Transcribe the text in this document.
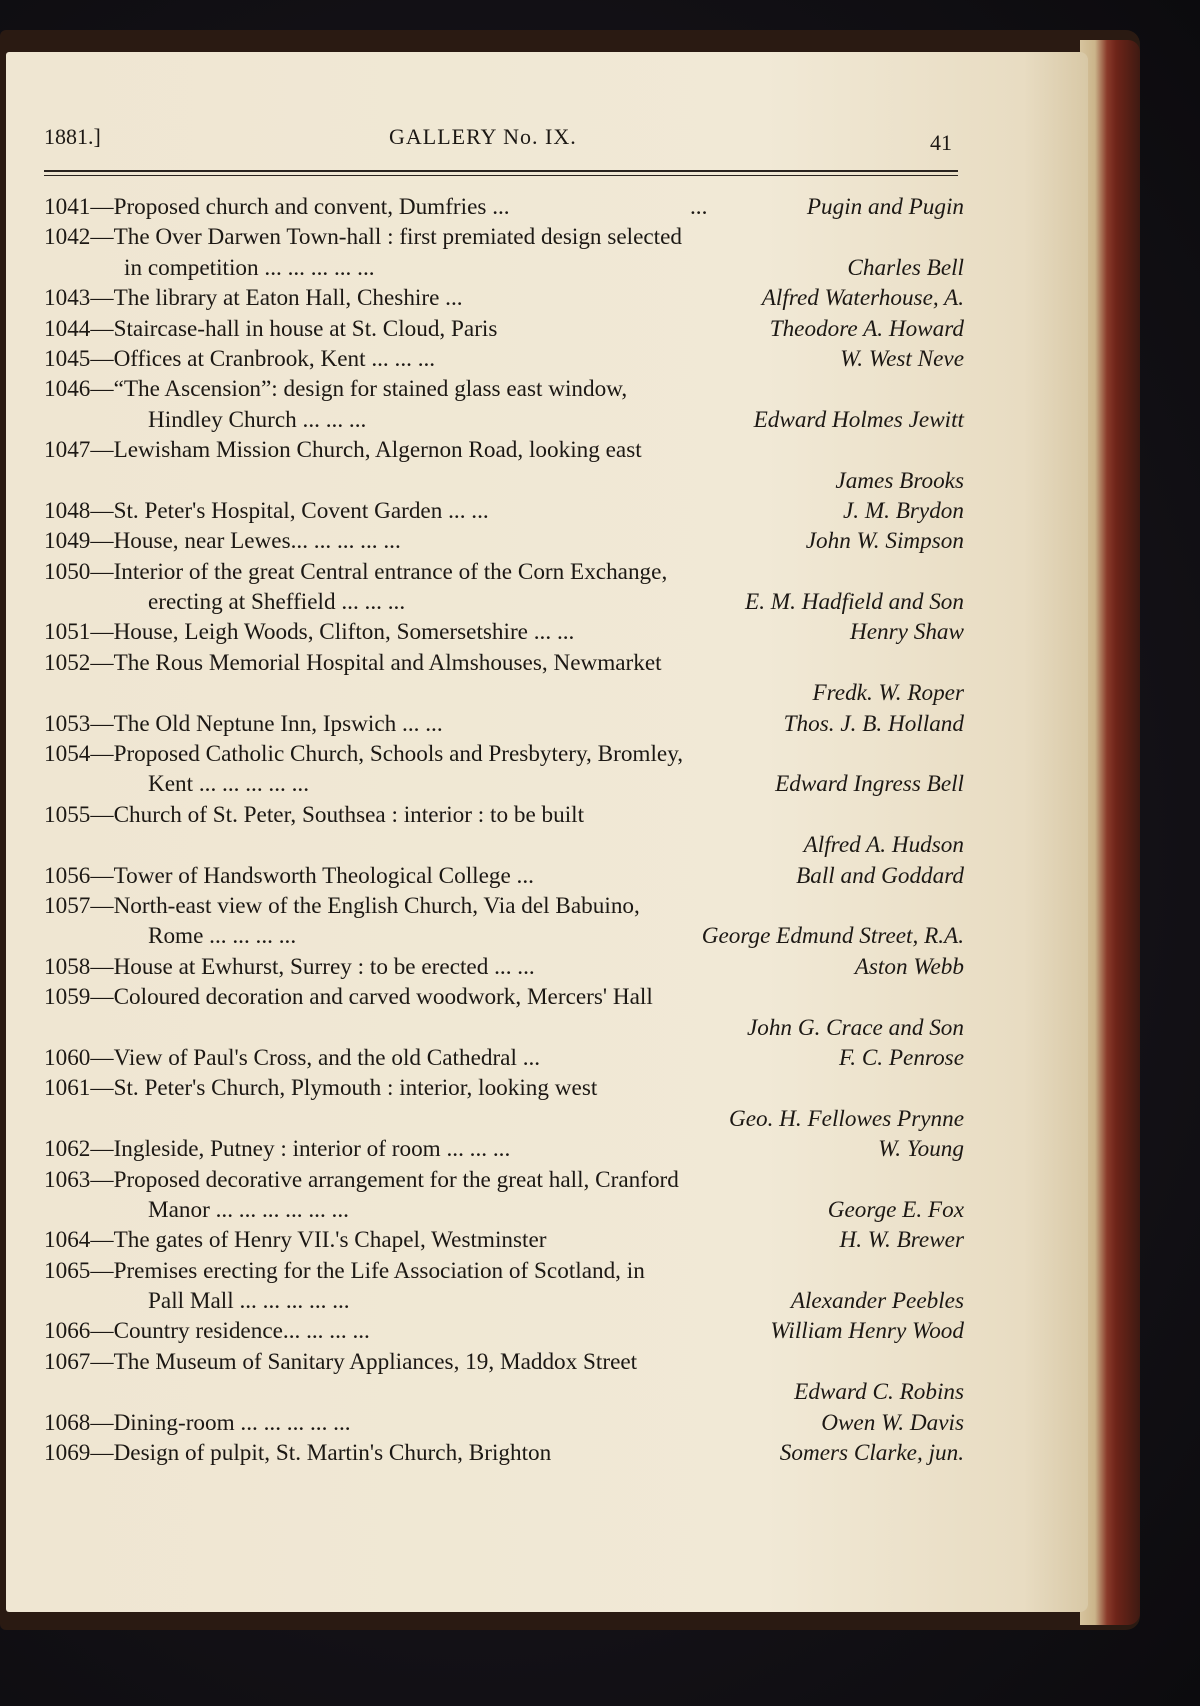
1881.]	GALLERY No. IX.	41
1041—Proposed church and convent, Dumfries ...	...	Pugin and Pugin
1042—The Over Darwen Town-hall : first premiated design selected
in competition ... ... ... ... ...	Charles Bell
1043—The library at Eaton Hall, Cheshire ...	Alfred Waterhouse, A.
1044—Staircase-hall in house at St. Cloud, Paris	Theodore A. Howard
1045—Offices at Cranbrook, Kent ... ... ...	W. West Neve
1046—“The Ascension”: design for stained glass east window,
Hindley Church ... ... ...	Edward Holmes Jewitt
1047—Lewisham Mission Church, Algernon Road, looking east
James Brooks
1048—St. Peter's Hospital, Covent Garden ... ...	J. M. Brydon
1049—House, near Lewes... ... ... ... ...	John W. Simpson
1050—Interior of the great Central entrance of the Corn Exchange,
erecting at Sheffield ... ... ...	E. M. Hadfield and Son
1051—House, Leigh Woods, Clifton, Somersetshire ... ...	Henry Shaw
1052—The Rous Memorial Hospital and Almshouses, Newmarket
Fredk. W. Roper
1053—The Old Neptune Inn, Ipswich ... ...	Thos. J. B. Holland
1054—Proposed Catholic Church, Schools and Presbytery, Bromley,
Kent ... ... ... ... ...	Edward Ingress Bell
1055—Church of St. Peter, Southsea : interior : to be built
Alfred A. Hudson
1056—Tower of Handsworth Theological College ...	Ball and Goddard
1057—North-east view of the English Church, Via del Babuino,
Rome ... ... ... ...	George Edmund Street, R.A.
1058—House at Ewhurst, Surrey : to be erected ... ...	Aston Webb
1059—Coloured decoration and carved woodwork, Mercers' Hall
John G. Crace and Son
1060—View of Paul's Cross, and the old Cathedral ...	F. C. Penrose
1061—St. Peter's Church, Plymouth : interior, looking west
Geo. H. Fellowes Prynne
1062—Ingleside, Putney : interior of room ... ... ...	W. Young
1063—Proposed decorative arrangement for the great hall, Cranford
Manor ... ... ... ... ... ...	George E. Fox
1064—The gates of Henry VII.'s Chapel, Westminster	H. W. Brewer
1065—Premises erecting for the Life Association of Scotland, in
Pall Mall ... ... ... ... ...	Alexander Peebles
1066—Country residence... ... ... ...	William Henry Wood
1067—The Museum of Sanitary Appliances, 19, Maddox Street
Edward C. Robins
1068—Dining-room ... ... ... ... ...	Owen W. Davis
1069—Design of pulpit, St. Martin's Church, Brighton	Somers Clarke, jun.
